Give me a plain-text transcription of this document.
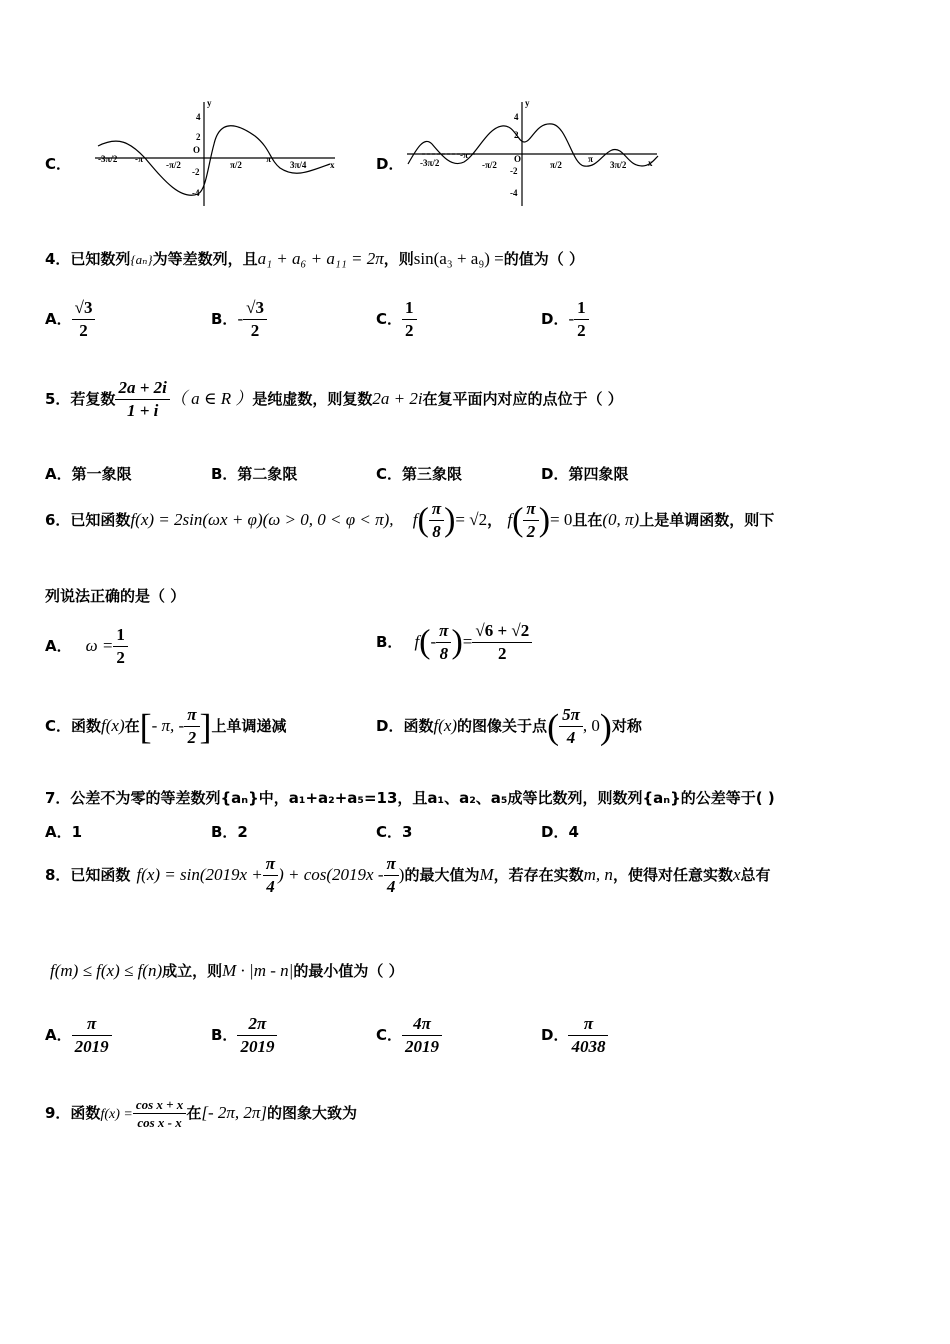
C．
y
x
O
4
2
-2
-4
-3π/2 -π
-π/2	π/2
π
3π/4	D．
y
x
O
4
2
-2
-4
-3π/2
-π
-π/2	π/2
π
3π/2
4．已知数列{aₙ}为等差数列，且a₁ + a₆ + a₁₁ = 2π，则sin(a₃ + a₉) =的值为（ ）
A． $\frac{√3}{2}$	B．- $\frac{√3}{2}$	C． $\frac{1}{2}$	D．- $\frac{1}{2}$
5．若复数 $\frac{2a + 2i}{1 + i}$ （ a ∈ R ）是纯虚数，则复数2a + 2i在复平面内对应的点位于（ ）
A．第一象限	B．第二象限	C．第三象限	D．第四象限
6．已知函数f(x) = 2sin(ωx + φ)(ω > 0, 0 < φ < π), $f( \frac{\pi}{8}$ )= √2， $f( \frac{\pi}{2}$ )= 0且在(0, π)上是单调函数，则下
列说法正确的是（ ）
A． $\omega = \frac{1}{2}$	B． $f(- \frac{\pi}{8}$ )= $\frac{√6 + √2}{2}$
C．函数f(x)在[- π, - $\frac{\pi}{2}$ ]上单调递减	D．函数f(x)的图像关于点( $\frac{5\pi}{4}$ , 0)对称
7．公差不为零的等差数列{aₙ}中，a₁+a₂+a₅=13，且a₁、a₂、a₅成等比数列，则数列{aₙ}的公差等于( )
A．1	B．2	C．3	D．4
8．已知函数 $f(x) = \sin(2019x + \frac{\pi}{4}$ ) + $\cos(2019x - \frac{\pi}{4}$ )的最大值为M，若存在实数m, n，使得对任意实数x总有
f(m) ≤ f(x) ≤ f(n)成立，则M · |m - n|的最小值为（ ）
A． $\frac{\pi}{2019}$	B． $\frac{2\pi}{2019}$	C． $\frac{4\pi}{2019}$	D． $\frac{\pi}{4038}$
9．函数$f(x) = \frac{\text{cos x + x}}{\text{cos x - x}}$ 在[- 2π, 2π]的图象大致为
